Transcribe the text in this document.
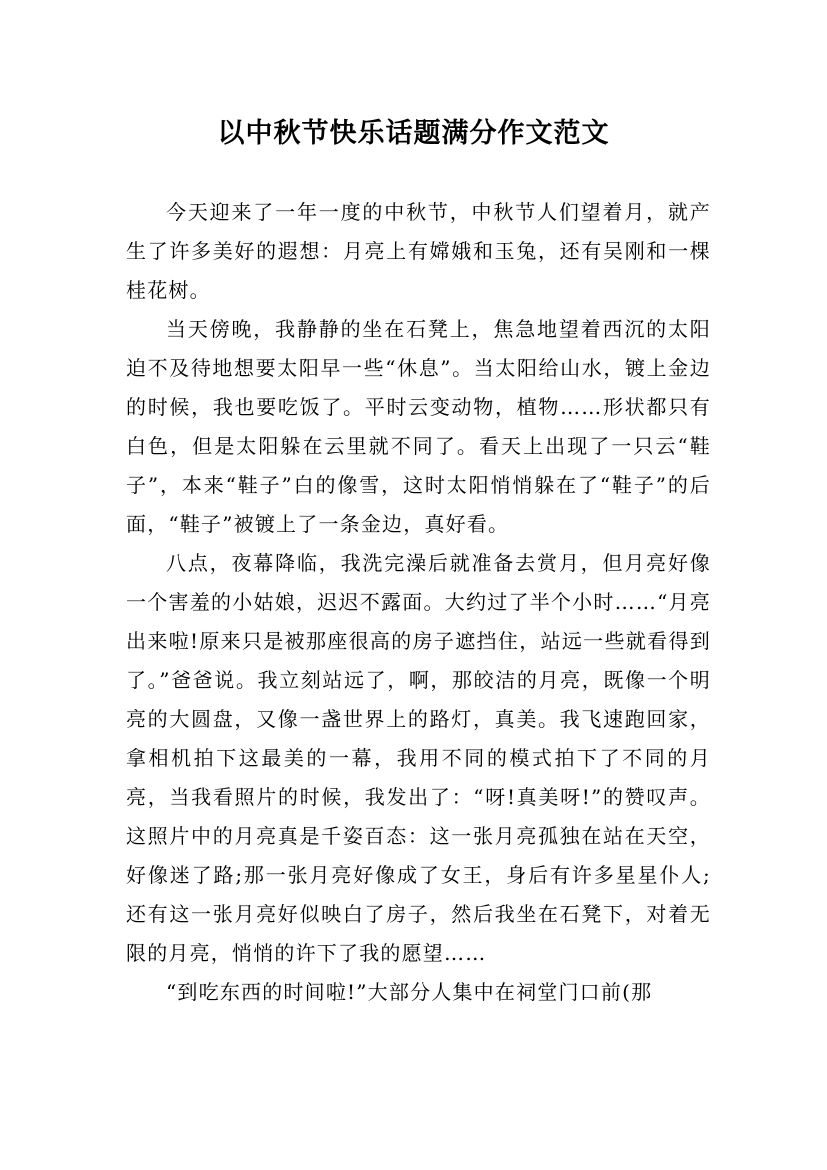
以中秋节快乐话题满分作文范文

今天迎来了一年一度的中秋节，中秋节人们望着月，就产生了许多美好的遐想：月亮上有嫦娥和玉兔，还有吴刚和一棵桂花树。

当天傍晚，我静静的坐在石凳上，焦急地望着西沉的太阳迫不及待地想要太阳早一些“休息”。当太阳给山水，镀上金边的时候，我也要吃饭了。平时云变动物，植物……形状都只有白色，但是太阳躲在云里就不同了。看天上出现了一只云“鞋子”，本来“鞋子”白的像雪，这时太阳悄悄躲在了“鞋子”的后面，“鞋子”被镀上了一条金边，真好看。

八点，夜幕降临，我洗完澡后就准备去赏月，但月亮好像一个害羞的小姑娘，迟迟不露面。大约过了半个小时……“月亮出来啦!原来只是被那座很高的房子遮挡住，站远一些就看得到了。”爸爸说。我立刻站远了，啊，那皎洁的月亮，既像一个明亮的大圆盘，又像一盏世界上的路灯，真美。我飞速跑回家，拿相机拍下这最美的一幕，我用不同的模式拍下了不同的月亮，当我看照片的时候，我发出了：“呀!真美呀!”的赞叹声。这照片中的月亮真是千姿百态：这一张月亮孤独在站在天空，好像迷了路;那一张月亮好像成了女王，身后有许多星星仆人;还有这一张月亮好似映白了房子，然后我坐在石凳下，对着无限的月亮，悄悄的许下了我的愿望……

“到吃东西的时间啦!”大部分人集中在祠堂门口前(那
